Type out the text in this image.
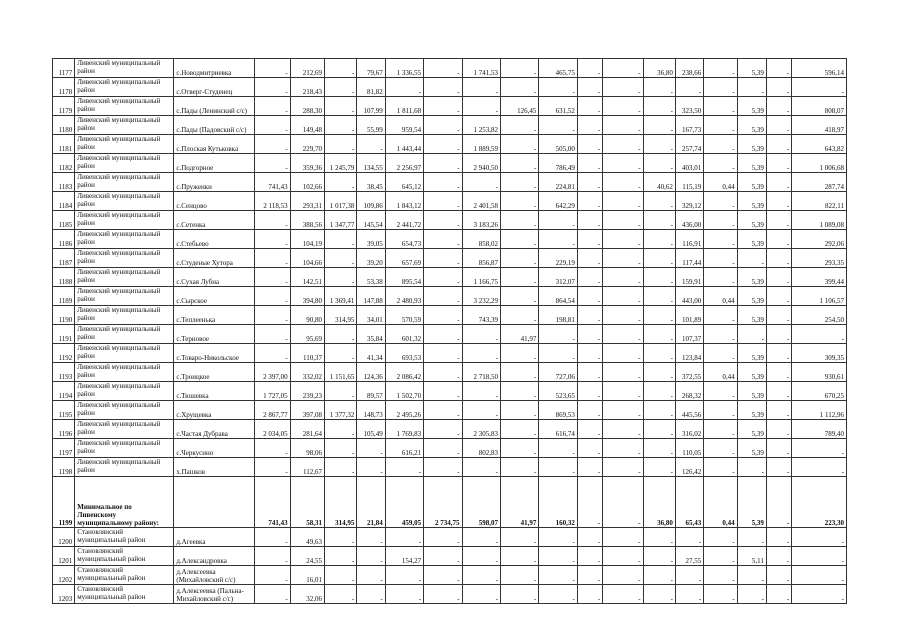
1177	Ливенский муниципальный район	с.Новодмитриевка	-	212,69	-	79,67	1 336,55	-	1 741,53	-	465,75	-	-	36,80	238,66	-	5,39	-	596,14
1178	Ливенский муниципальный район	с.Отверг-Студенец	-	218,43	-	81,82	-	-	-	-	-	-	-	-	-	-	-	-	-
1179	Ливенский муниципальный район	с.Пады (Ленинский с/с)	-	288,30	-	107,99	1 811,68	-	-	126,45	631,52	-	-	-	323,50	-	5,39	-	808,07
1180	Ливенский муниципальный район	с.Пады (Падовский с/с)	-	149,48	-	55,99	959,54	-	1 253,82	-	-	-	-	-	167,73	-	5,39	-	418,97
1181	Ливенский муниципальный район	с.Плоская Кутьковка	-	229,70	-	-	1 443,44	-	1 889,59	-	505,00	-	-	-	257,74	-	5,39	-	643,82
1182	Ливенский муниципальный район	с.Подгорное	-	359,36	1 245,79	134,55	2 256,97	-	2 940,50	-	786,49	-	-	-	403,01	-	5,39	-	1 006,68
1183	Ливенский муниципальный район	с.Пруженки	741,43	102,66	-	38,45	645,12	-	-	-	224,81	-	-	40,62	115,19	0,44	5,39	-	287,74
1184	Ливенский муниципальный район	с.Сенцово	2 118,53	293,31	1 017,38	109,86	1 843,12	-	2 401,58	-	642,29	-	-	-	329,12	-	5,39	-	822,11
1185	Ливенский муниципальный район	с.Сетенка	-	388,56	1 347,77	145,54	2 441,72	-	3 183,26	-	-	-	-	-	436,00	-	5,39	-	1 089,08
1186	Ливенский муниципальный район	с.Стебьево	-	104,19	-	39,05	654,73	-	858,02	-	-	-	-	-	116,91	-	5,39	-	292,06
1187	Ливенский муниципальный район	с.Студеные Хутора	-	104,66	-	39,20	657,69	-	856,87	-	229,19	-	-	-	117,44	-	-	-	293,35
1188	Ливенский муниципальный район	с.Сухая Лубна	-	142,51	-	53,38	895,54	-	1 166,75	-	312,07	-	-	-	159,91	-	5,39	-	399,44
1189	Ливенский муниципальный район	с.Сырское	-	394,80	1 369,41	147,88	2 480,93	-	3 232,29	-	864,54	-	-	-	443,00	0,44	5,39	-	1 106,57
1190	Ливенский муниципальный район	с.Теплеенька	-	90,80	314,95	34,01	570,59	-	743,39	-	198,81	-	-	-	101,89	-	5,39	-	254,50
1191	Ливенский муниципальный район	с.Терновое	-	95,69	-	35,84	601,32	-	-	41,97	-	-	-	-	107,37	-	-	-	-
1192	Ливенский муниципальный район	с.Товаро-Никольское	-	110,37	-	41,34	693,53	-	-	-	-	-	-	-	123,84	-	5,39	-	309,35
1193	Ливенский муниципальный район	с.Троицкое	2 397,00	332,02	1 151,65	124,36	2 086,42	-	2 718,50	-	727,06	-	-	-	372,55	0,44	5,39	-	930,61
1194	Ливенский муниципальный район	с.Тюшевка	1 727,05	239,23	-	89,57	1 502,70	-	-	-	523,65	-	-	-	268,32	-	5,39	-	670,25
1195	Ливенский муниципальный район	с.Хрущевка	2 867,77	397,08	1 377,32	148,73	2 495,26	-	-	-	869,53	-	-	-	445,56	-	5,39	-	1 112,96
1196	Ливенский муниципальный район	с.Частая Дубрава	2 034,05	281,64	-	105,49	1 769,83	-	2 305,83	-	616,74	-	-	-	316,02	-	5,39	-	789,40
1197	Ливенский муниципальный район	с.Черкусино	-	98,06	-	-	616,21	-	802,83	-	-	-	-	-	110,05	-	5,39	-	-
1198	Ливенский муниципальный район	х.Пашков	-	112,67	-	-	-	-	-	-	-	-	-	-	126,42	-	-	-	-
1199	Минимальное по Ливенскому муниципальному району:		741,43	58,31	314,95	21,84	459,05	2 734,75	598,07	41,97	160,32	-	-	36,80	65,43	0,44	5,39	-	223,30
1200	Становлянский муниципальный район	д.Агеевка	-	49,63	-	-	-	-	-	-	-	-	-	-	-	-	-	-	-
1201	Становлянский муниципальный район	д.Александровка	-	24,55	-	-	154,27	-	-	-	-	-	-	-	27,55	-	5,11	-	-
1202	Становлянский муниципальный район	д.Алексеевка (Михайловский с/с)	-	16,01	-	-	-	-	-	-	-	-	-	-	-	-	-	-	-
1203	Становлянский муниципальный район	д.Алексеевка (Пальна-Михайловский с/с)	-	32,06	-	-	-	-	-	-	-	-	-	-	-	-	-	-	-
